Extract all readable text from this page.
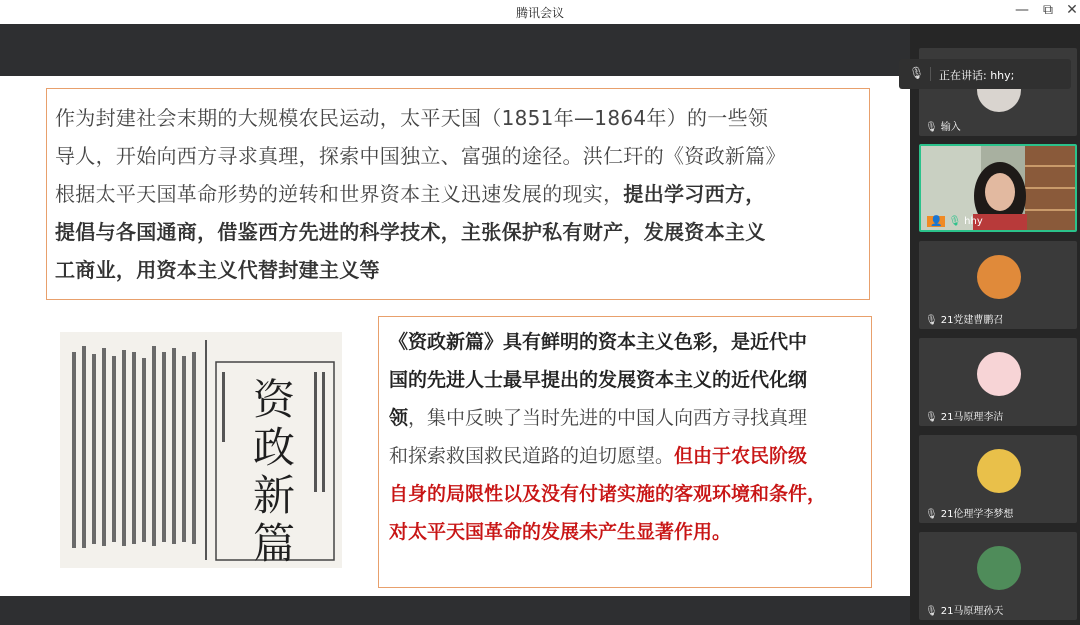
腾讯会议	—	⧉ ✕
作为封建社会末期的大规模农民运动，太平天国（1851年—1864年）的一些领
导人，开始向西方寻求真理，探索中国独立、富强的途径。洪仁玕的《资政新篇》
根据太平天国革命形势的逆转和世界资本主义迅速发展的现实，提出学习西方，
提倡与各国通商，借鉴西方先进的科学技术，主张保护私有财产，发展资本主义
工商业，用资本主义代替封建主义等
资
政
新
篇
《资政新篇》具有鲜明的资本主义色彩，是近代中
国的先进人士最早提出的发展资本主义的近代化纲
领，集中反映了当时先进的中国人向西方寻找真理
和探索救国救民道路的迫切愿望。但由于农民阶级
自身的局限性以及没有付诸实施的客观环境和条件，
对太平天国革命的发展未产生显著作用。
🎙 输入
🎙 正在讲话: hhy;
👤 🎙 hhy
🎙 21党建曹鹏召
🎙 21马原理李洁
🎙 21伦理学李梦想
🎙 21马原理孙天
